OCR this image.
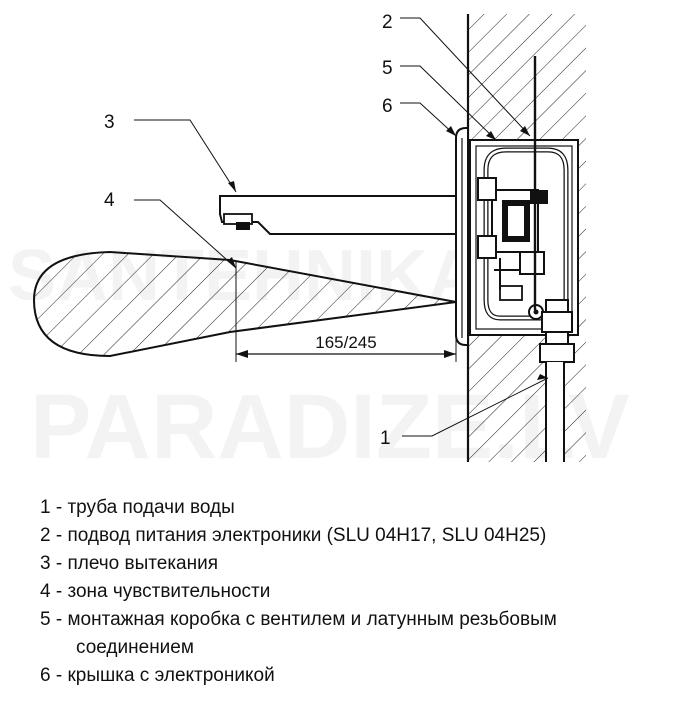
165/245
2
5
6
3
4
1
1 - труба подачи воды
2 - подвод питания электроники (SLU 04H17, SLU 04H25)
3 - плечо вытекания
4 - зона чувствительности
5 - монтажная коробка с вентилем и латунным резьбовым соединением
6 - крышка с электроникой
